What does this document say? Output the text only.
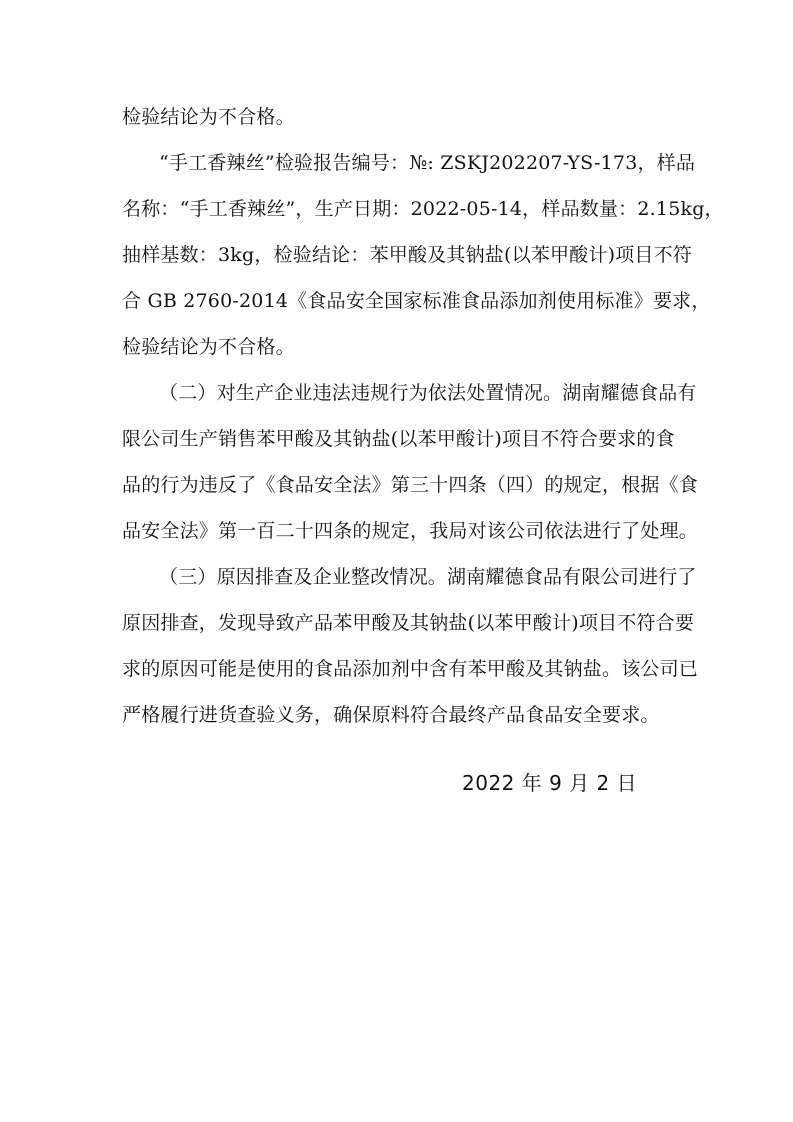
检验结论为不合格。
“手工香辣丝”检验报告编号：№: ZSKJ202207-YS-173，样品
名称：“手工香辣丝”，生产日期：2022-05-14，样品数量：2.15kg，
抽样基数：3kg，检验结论：苯甲酸及其钠盐(以苯甲酸计)项目不符
合 GB 2760-2014《食品安全国家标准食品添加剂使用标准》要求，
检验结论为不合格。
（二）对生产企业违法违规行为依法处置情况。湖南耀德食品有
限公司生产销售苯甲酸及其钠盐(以苯甲酸计)项目不符合要求的食
品的行为违反了《食品安全法》第三十四条（四）的规定，根据《食
品安全法》第一百二十四条的规定，我局对该公司依法进行了处理。
（三）原因排查及企业整改情况。湖南耀德食品有限公司进行了
原因排查，发现导致产品苯甲酸及其钠盐(以苯甲酸计)项目不符合要
求的原因可能是使用的食品添加剂中含有苯甲酸及其钠盐。该公司已
严格履行进货查验义务，确保原料符合最终产品食品安全要求。
2022 年 9 月 2 日
